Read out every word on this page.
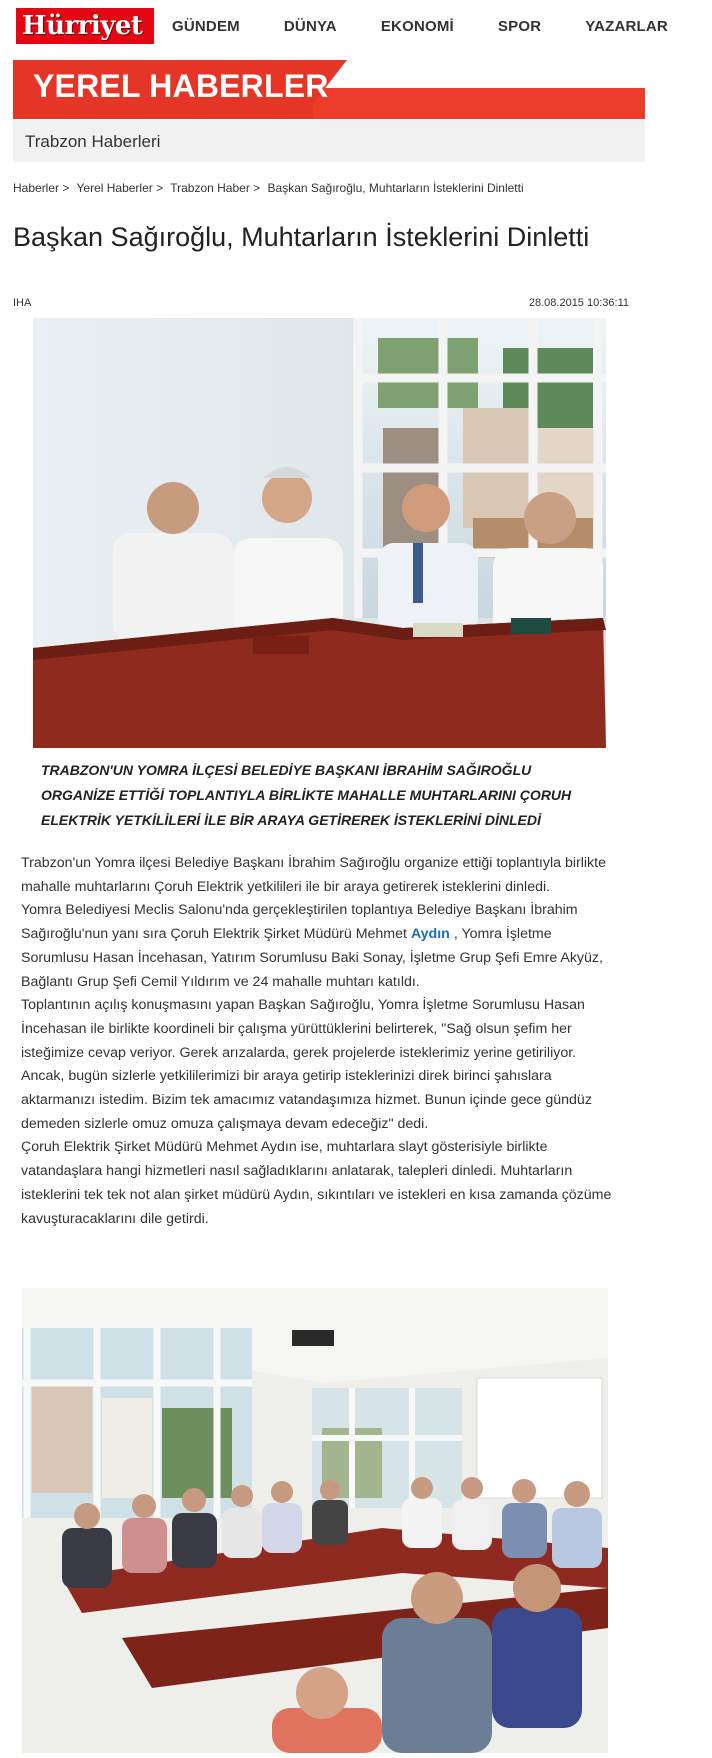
Hürriyet	GÜNDEM	DÜNYA	EKONOMİ	SPOR	YAZARLAR
YEREL HABERLER
Trabzon Haberleri
Haberler > Yerel Haberler > Trabzon Haber > Başkan Sağıroğlu, Muhtarların İsteklerini Dinletti
Başkan Sağıroğlu, Muhtarların İsteklerini Dinletti
IHA	28.08.2015 10:36:11
TRABZON'UN YOMRA İLÇESİ BELEDİYE BAŞKANI İBRAHİM SAĞIROĞLU ORGANİZE ETTİĞİ TOPLANTIYLA BİRLİKTE MAHALLE MUHTARLARINI ÇORUH ELEKTRİK YETKİLİLERİ İLE BİR ARAYA GETİREREK İSTEKLERİNİ DİNLEDİ

Trabzon'un Yomra ilçesi Belediye Başkanı İbrahim Sağıroğlu organize ettiği toplantıyla birlikte mahalle muhtarlarını Çoruh Elektrik yetkilileri ile bir araya getirerek isteklerini dinledi.

Yomra Belediyesi Meclis Salonu'nda gerçekleştirilen toplantıya Belediye Başkanı İbrahim Sağıroğlu'nun yanı sıra Çoruh Elektrik Şirket Müdürü Mehmet Aydın , Yomra İşletme Sorumlusu Hasan İncehasan, Yatırım Sorumlusu Baki Sonay, İşletme Grup Şefi Emre Akyüz, Bağlantı Grup Şefi Cemil Yıldırım ve 24 mahalle muhtarı katıldı.

Toplantının açılış konuşmasını yapan Başkan Sağıroğlu, Yomra İşletme Sorumlusu Hasan İncehasan ile birlikte koordineli bir çalışma yürüttüklerini belirterek, "Sağ olsun şefim her isteğimize cevap veriyor. Gerek arızalarda, gerek projelerde isteklerimiz yerine getiriliyor. Ancak, bugün sizlerle yetkililerimizi bir araya getirip isteklerinizi direk birinci şahıslara aktarmanızı istedim. Bizim tek amacımız vatandaşımıza hizmet. Bunun içinde gece gündüz demeden sizlerle omuz omuza çalışmaya devam edeceğiz" dedi.

Çoruh Elektrik Şirket Müdürü Mehmet Aydın ise, muhtarlara slayt gösterisiyle birlikte vatandaşlara hangi hizmetleri nasıl sağladıklarını anlatarak, talepleri dinledi. Muhtarların isteklerini tek tek not alan şirket müdürü Aydın, sıkıntıları ve istekleri en kısa zamanda çözüme kavuşturacaklarını dile getirdi.
